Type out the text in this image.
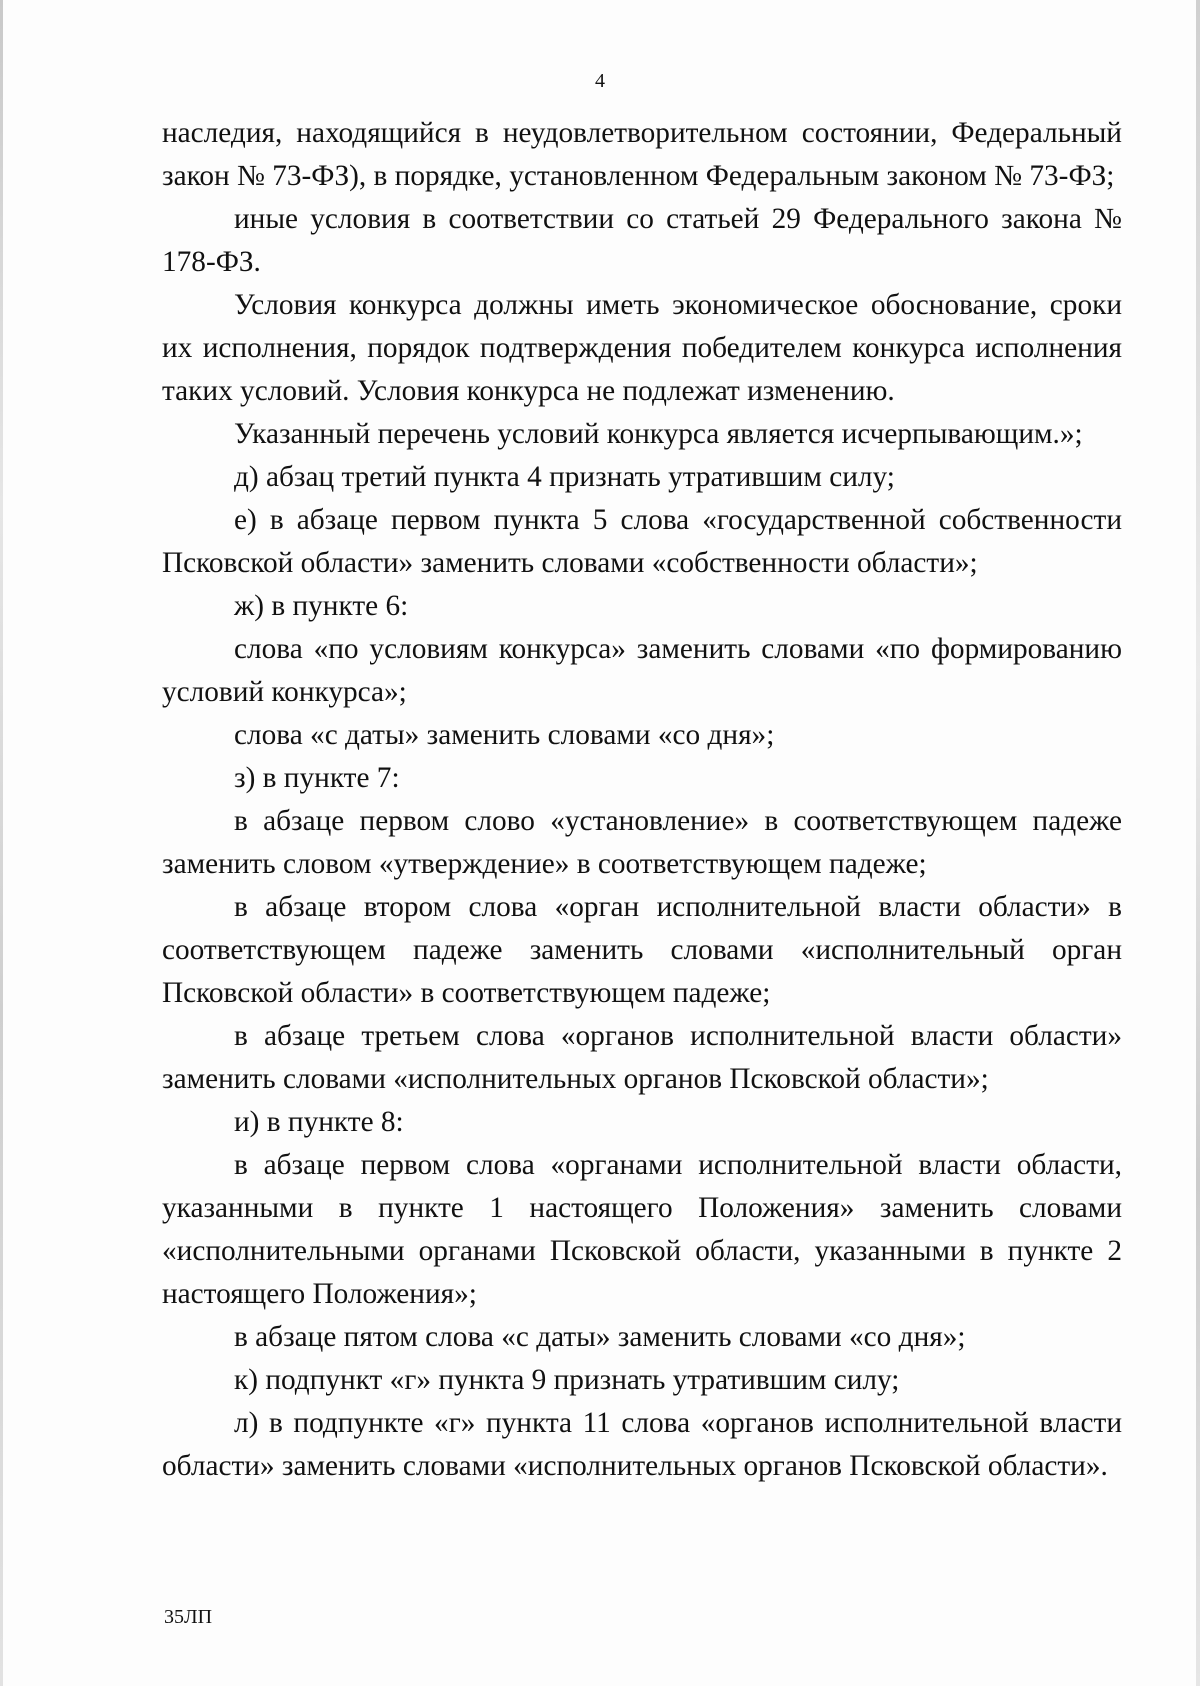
4

наследия, находящийся в неудовлетворительном состоянии, Федеральный закон № 73-ФЗ), в порядке, установленном Федеральным законом № 73-ФЗ;

иные условия в соответствии со статьей 29 Федерального закона № 178-ФЗ.

Условия конкурса должны иметь экономическое обоснование, сроки их исполнения, порядок подтверждения победителем конкурса исполнения таких условий. Условия конкурса не подлежат изменению.

Указанный перечень условий конкурса является исчерпывающим.»;

д) абзац третий пункта 4 признать утратившим силу;

е) в абзаце первом пункта 5 слова «государственной собственности Псковской области» заменить словами «собственности области»;

ж) в пункте 6:

слова «по условиям конкурса» заменить словами «по формированию условий конкурса»;

слова «с даты» заменить словами «со дня»;

з) в пункте 7:

в абзаце первом слово «установление» в соответствующем падеже заменить словом «утверждение» в соответствующем падеже;

в абзаце втором слова «орган исполнительной власти области» в соответствующем падеже заменить словами «исполнительный орган Псковской области» в соответствующем падеже;

в абзаце третьем слова «органов исполнительной власти области» заменить словами «исполнительных органов Псковской области»;

и) в пункте 8:

в абзаце первом слова «органами исполнительной власти области, указанными в пункте 1 настоящего Положения» заменить словами «исполнительными органами Псковской области, указанными в пункте 2 настоящего Положения»;

в абзаце пятом слова «с даты» заменить словами «со дня»;

к) подпункт «г» пункта 9 признать утратившим силу;

л) в подпункте «г» пункта 11 слова «органов исполнительной власти области» заменить словами «исполнительных органов Псковской области».

35ЛП
